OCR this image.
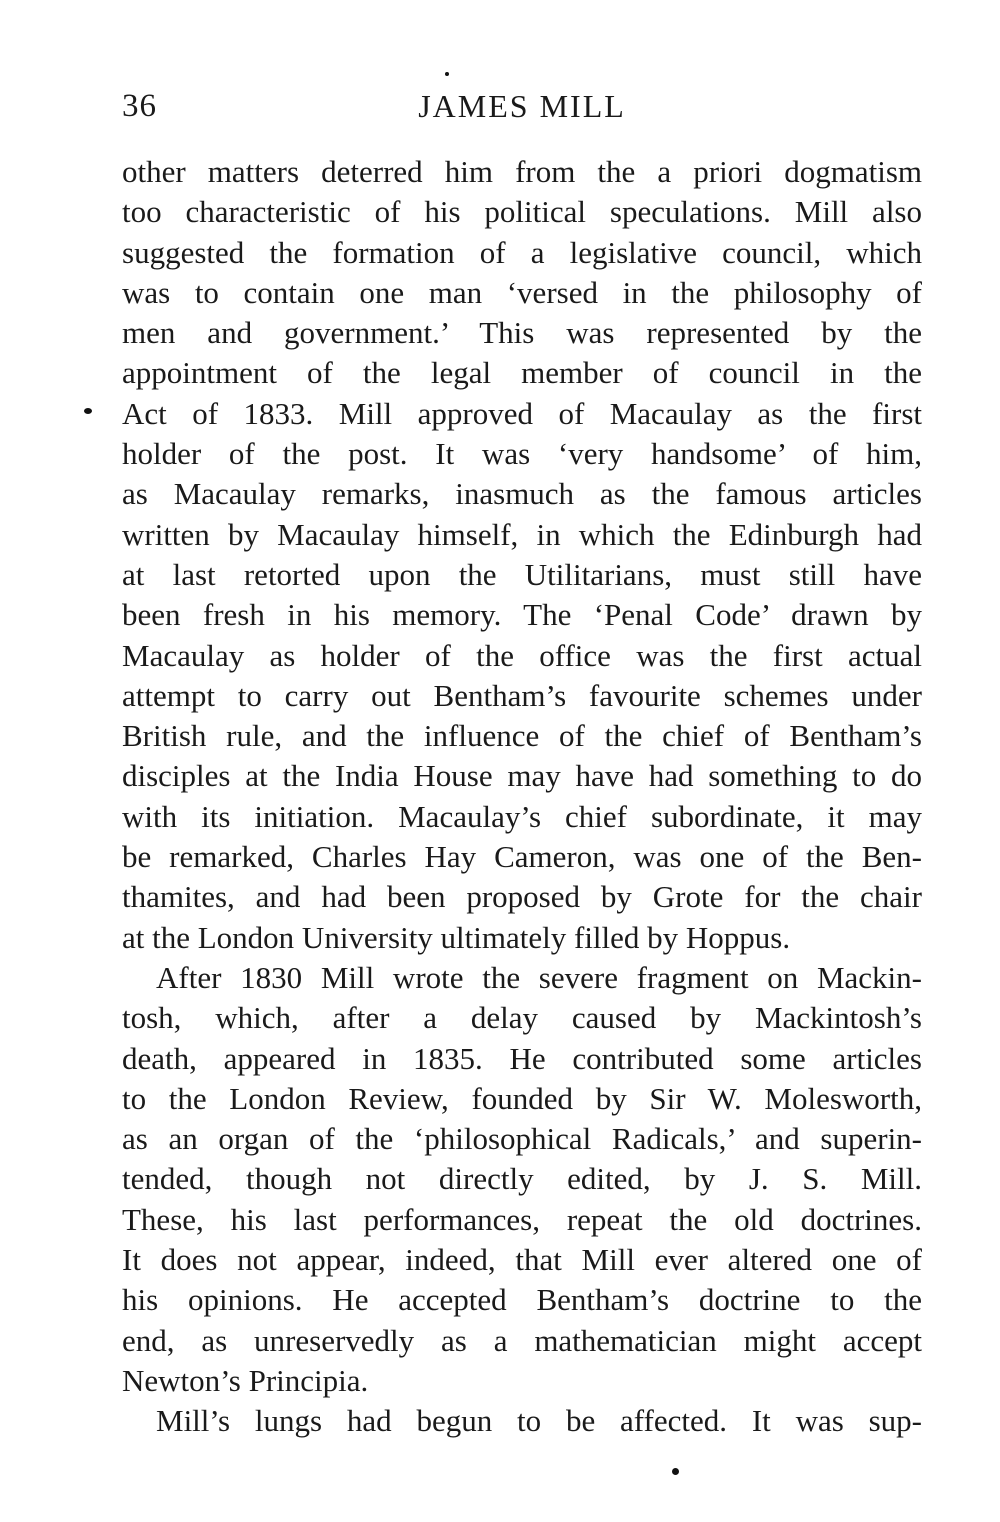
36	JAMES MILL
other matters deterred him from the a priori dogmatism
too characteristic of his political speculations. Mill also
suggested the formation of a legislative council, which
was to contain one man ‘versed in the philosophy of
men and government.’ This was represented by the
appointment of the legal member of council in the
Act of 1833. Mill approved of Macaulay as the first
holder of the post. It was ‘very handsome’ of him,
as Macaulay remarks, inasmuch as the famous articles
written by Macaulay himself, in which the Edinburgh had
at last retorted upon the Utilitarians, must still have
been fresh in his memory. The ‘Penal Code’ drawn by
Macaulay as holder of the office was the first actual
attempt to carry out Bentham’s favourite schemes under
British rule, and the influence of the chief of Bentham’s
disciples at the India House may have had something to do
with its initiation. Macaulay’s chief subordinate, it may
be remarked, Charles Hay Cameron, was one of the Ben-
thamites, and had been proposed by Grote for the chair
at the London University ultimately filled by Hoppus.
After 1830 Mill wrote the severe fragment on Mackin-
tosh, which, after a delay caused by Mackintosh’s
death, appeared in 1835. He contributed some articles
to the London Review, founded by Sir W. Molesworth,
as an organ of the ‘philosophical Radicals,’ and superin-
tended, though not directly edited, by J. S. Mill.
These, his last performances, repeat the old doctrines.
It does not appear, indeed, that Mill ever altered one of
his opinions. He accepted Bentham’s doctrine to the
end, as unreservedly as a mathematician might accept
Newton’s Principia.
Mill’s lungs had begun to be affected. It was sup-
